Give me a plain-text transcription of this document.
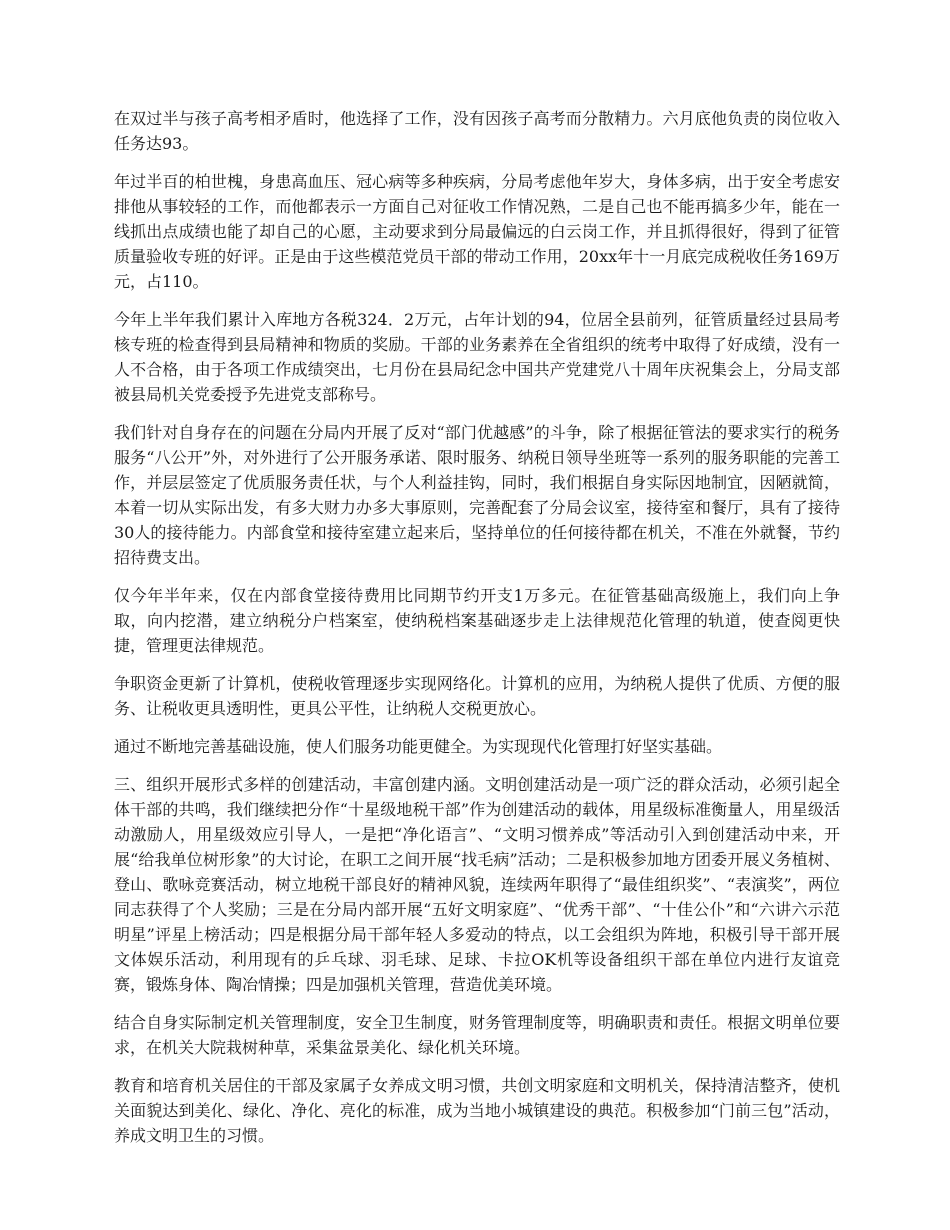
在双过半与孩子高考相矛盾时，他选择了工作，没有因孩子高考而分散精力。六月底他负责的岗位收入任务达93。

年过半百的柏世槐，身患高血压、冠心病等多种疾病，分局考虑他年岁大，身体多病，出于安全考虑安排他从事较轻的工作，而他都表示一方面自己对征收工作情况熟，二是自己也不能再搞多少年，能在一线抓出点成绩也能了却自己的心愿，主动要求到分局最偏远的白云岗工作，并且抓得很好，得到了征管质量验收专班的好评。正是由于这些模范党员干部的带动工作用，20xx年十一月底完成税收任务169万元，占110。

今年上半年我们累计入库地方各税324．2万元，占年计划的94，位居全县前列，征管质量经过县局考核专班的检查得到县局精神和物质的奖励。干部的业务素养在全省组织的统考中取得了好成绩，没有一人不合格，由于各项工作成绩突出，七月份在县局纪念中国共产党建党八十周年庆祝集会上，分局支部被县局机关党委授予先进党支部称号。

我们针对自身存在的问题在分局内开展了反对“部门优越感”的斗争，除了根据征管法的要求实行的税务服务“八公开”外，对外进行了公开服务承诺、限时服务、纳税日领导坐班等一系列的服务职能的完善工作，并层层签定了优质服务责任状，与个人利益挂钩，同时，我们根据自身实际因地制宜，因陋就简，本着一切从实际出发，有多大财力办多大事原则，完善配套了分局会议室，接待室和餐厅，具有了接待30人的接待能力。内部食堂和接待室建立起来后，坚持单位的任何接待都在机关，不准在外就餐，节约招待费支出。

仅今年半年来，仅在内部食堂接待费用比同期节约开支1万多元。在征管基础高级施上，我们向上争取，向内挖潜，建立纳税分户档案室，使纳税档案基础逐步走上法律规范化管理的轨道，使查阅更快捷，管理更法律规范。

争职资金更新了计算机，使税收管理逐步实现网络化。计算机的应用，为纳税人提供了优质、方便的服务、让税收更具透明性，更具公平性，让纳税人交税更放心。

通过不断地完善基础设施，使人们服务功能更健全。为实现现代化管理打好坚实基础。

三、组织开展形式多样的创建活动，丰富创建内涵。文明创建活动是一项广泛的群众活动，必须引起全体干部的共鸣，我们继续把分作“十星级地税干部”作为创建活动的载体，用星级标准衡量人，用星级活动激励人，用星级效应引导人，一是把“净化语言”、“文明习惯养成”等活动引入到创建活动中来，开展“给我单位树形象”的大讨论，在职工之间开展“找毛病”活动；二是积极参加地方团委开展义务植树、登山、歌咏竞赛活动，树立地税干部良好的精神风貌，连续两年职得了“最佳组织奖”、“表演奖”，两位同志获得了个人奖励；三是在分局内部开展“五好文明家庭”、“优秀干部”、“十佳公仆”和“六讲六示范明星”评星上榜活动；四是根据分局干部年轻人多爱动的特点，以工会组织为阵地，积极引导干部开展文体娱乐活动，利用现有的乒乓球、羽毛球、足球、卡拉OK机等设备组织干部在单位内进行友谊竞赛，锻炼身体、陶冶情操；四是加强机关管理，营造优美环境。

结合自身实际制定机关管理制度，安全卫生制度，财务管理制度等，明确职责和责任。根据文明单位要求，在机关大院栽树种草，采集盆景美化、绿化机关环境。

教育和培育机关居住的干部及家属子女养成文明习惯，共创文明家庭和文明机关，保持清洁整齐，使机关面貌达到美化、绿化、净化、亮化的标准，成为当地小城镇建设的典范。积极参加“门前三包”活动，养成文明卫生的习惯。
